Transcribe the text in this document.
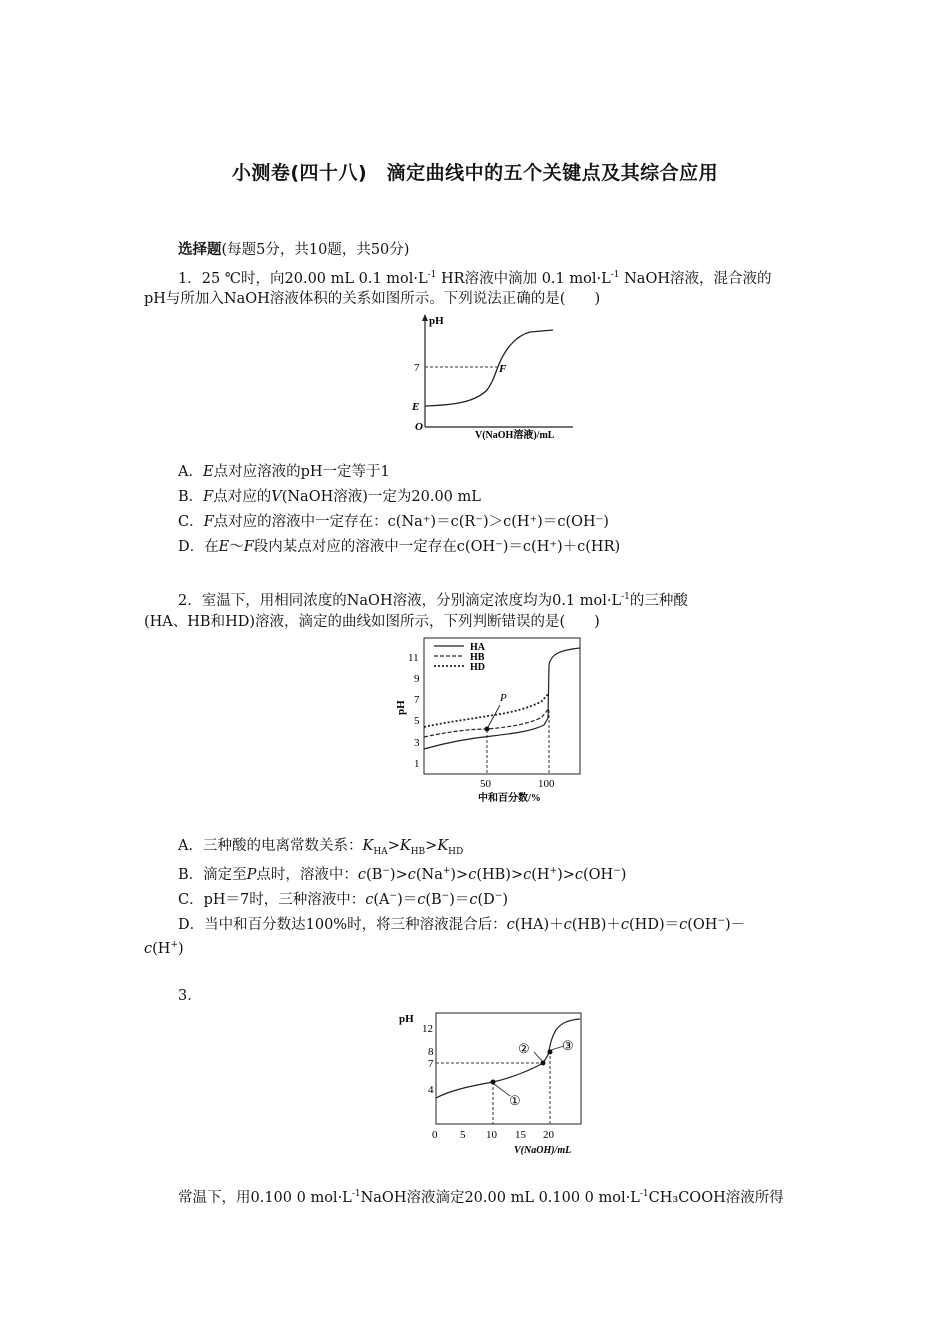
小测卷(四十八)　滴定曲线中的五个关键点及其综合应用
选择题(每题5分，共10题，共50分)
1．25 ℃时，向20.00 mL 0.1 $mol\cdot L^{-1}$ HR溶液中滴加 0.1 $mol\cdot L^{-1}$ NaOH溶液，混合液的
pH与所加入NaOH溶液体积的关系如图所示。下列说法正确的是(　　)
pH
7
E
F
O
V(NaOH溶液)/mL
A．E点对应溶液的pH一定等于1
B．F点对应的V(NaOH溶液)一定为20.00 mL
C．F点对应的溶液中一定存在：c(Na⁺)＝c(R⁻)＞c(H⁺)＝c(OH⁻)
D．在E～F段内某点对应的溶液中一定存在c(OH⁻)＝c(H⁺)＋c(HR)
2．室温下，用相同浓度的NaOH溶液，分别滴定浓度均为0.1 $mol\cdot L^{-1}$的三种酸
(HA、HB和HD)溶液，滴定的曲线如图所示，下列判断错误的是(　　)
11
9
7
5
3
1
pH
HA
HB
HD
P
50	100
中和百分数/%
A．三种酸的电离常数关系：$K_{HA}>K_{HB}>K_{HD}$
B．滴定至P点时，溶液中：c(B−)>c(Na+)>c(HB)>c(H+)>c(OH−)
C．pH＝7时，三种溶液中：c(A−)＝c(B−)＝c(D−)
D．当中和百分数达100%时，将三种溶液混合后：c(HA)＋c(HB)＋c(HD)＝c(OH−)－
c(H+)
3．
pH
12
8
7
4
①
② ③
0 5 10 15 20
V(NaOH)/mL
常温下，用0.100 0 $mol\cdot L^{-1}NaOH$溶液滴定20.00 mL 0.100 0 $mol\cdot L^{-1}CH_3COOH$溶液所得
